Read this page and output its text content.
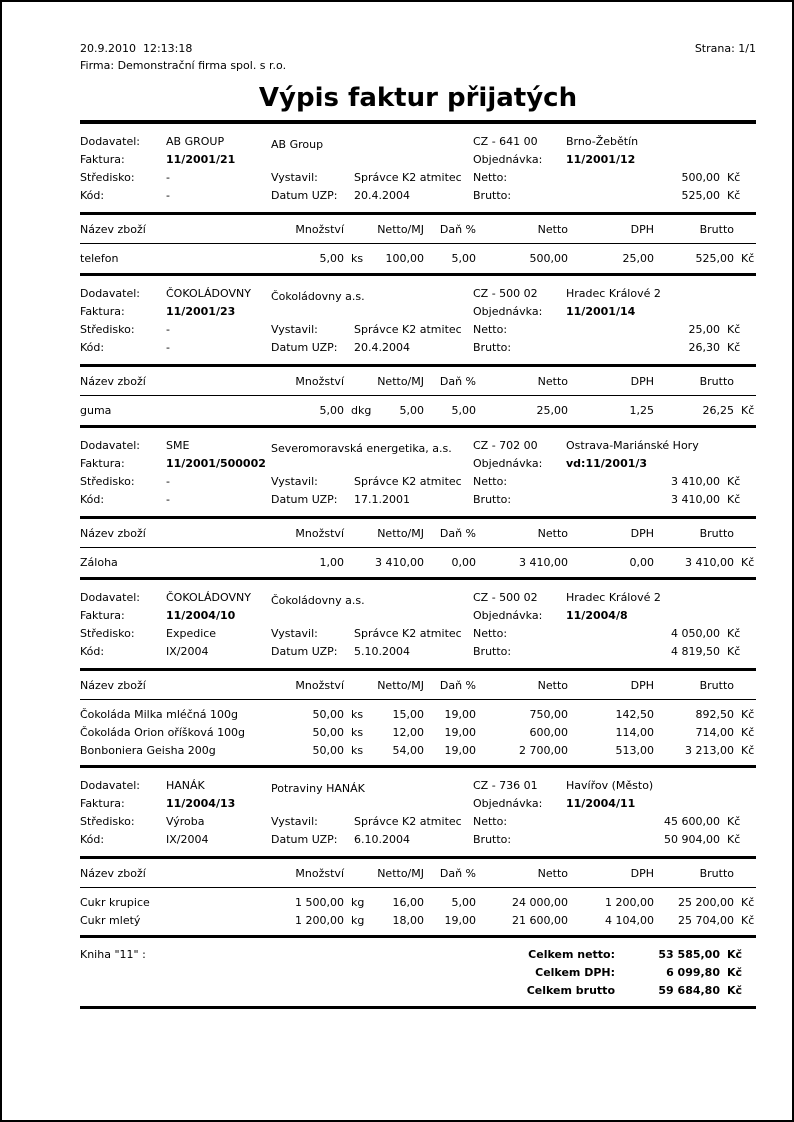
20.9.2010  12:13:18
Firma: Demonstrační firma spol. s r.o.
Strana: 1/1
Výpis faktur přijatých
Dodavatel:	AB GROUP	AB Group	CZ - 641 00	Brno-Žebětín
Faktura:	11/2001/21	Objednávka:	11/2001/12
Středisko:	-	Vystavil:	Správce K2 atmitec	Netto:	500,00 Kč
Kód:	-	Datum UZP:	20.4.2004	Brutto:	525,00 Kč
Název zboží	Množství		Netto/MJ	Daň %	Netto	DPH	Brutto	
telefon	5,00	ks	100,00	5,00	500,00	25,00	525,00	Kč
Dodavatel:	ČOKOLÁDOVNY	Čokoládovny a.s.	CZ - 500 02	Hradec Králové 2
Faktura:	11/2001/23	Objednávka:	11/2001/14
Středisko:	-	Vystavil:	Správce K2 atmitec	Netto:	25,00 Kč
Kód:	-	Datum UZP:	20.4.2004	Brutto:	26,30 Kč
Název zboží	Množství		Netto/MJ	Daň %	Netto	DPH	Brutto	
guma	5,00	dkg	5,00	5,00	25,00	1,25	26,25	Kč
Dodavatel:	SME	Severomoravská energetika, a.s.	CZ - 702 00	Ostrava-Mariánské Hory
Faktura:	11/2001/500002	Objednávka:	vd:11/2001/3
Středisko:	-	Vystavil:	Správce K2 atmitec	Netto:	3 410,00 Kč
Kód:	-	Datum UZP:	17.1.2001	Brutto:	3 410,00 Kč
Název zboží	Množství		Netto/MJ	Daň %	Netto	DPH	Brutto	
Záloha	1,00		3 410,00	0,00	3 410,00	0,00	3 410,00	Kč
Dodavatel:	ČOKOLÁDOVNY	Čokoládovny a.s.	CZ - 500 02	Hradec Králové 2
Faktura:	11/2004/10	Objednávka:	11/2004/8
Středisko:	Expedice	Vystavil:	Správce K2 atmitec	Netto:	4 050,00 Kč
Kód:	IX/2004	Datum UZP:	5.10.2004	Brutto:	4 819,50 Kč
Název zboží	Množství		Netto/MJ	Daň %	Netto	DPH	Brutto	
Čokoláda Milka mléčná 100g	50,00	ks	15,00	19,00	750,00	142,50	892,50	Kč
Čokoláda Orion oříšková 100g	50,00	ks	12,00	19,00	600,00	114,00	714,00	Kč
Bonboniera Geisha 200g	50,00	ks	54,00	19,00	2 700,00	513,00	3 213,00	Kč
Dodavatel:	HANÁK	Potraviny HANÁK	CZ - 736 01	Havířov (Město)
Faktura:	11/2004/13	Objednávka:	11/2004/11
Středisko:	Výroba	Vystavil:	Správce K2 atmitec	Netto:	45 600,00 Kč
Kód:	IX/2004	Datum UZP:	6.10.2004	Brutto:	50 904,00 Kč
Název zboží	Množství		Netto/MJ	Daň %	Netto	DPH	Brutto	
Cukr krupice	1 500,00	kg	16,00	5,00	24 000,00	1 200,00	25 200,00	Kč
Cukr mletý	1 200,00	kg	18,00	19,00	21 600,00	4 104,00	25 704,00	Kč
Kniha "11" :	Celkem netto:	53 585,00 Kč
Celkem DPH:	6 099,80 Kč
Celkem brutto	59 684,80 Kč
